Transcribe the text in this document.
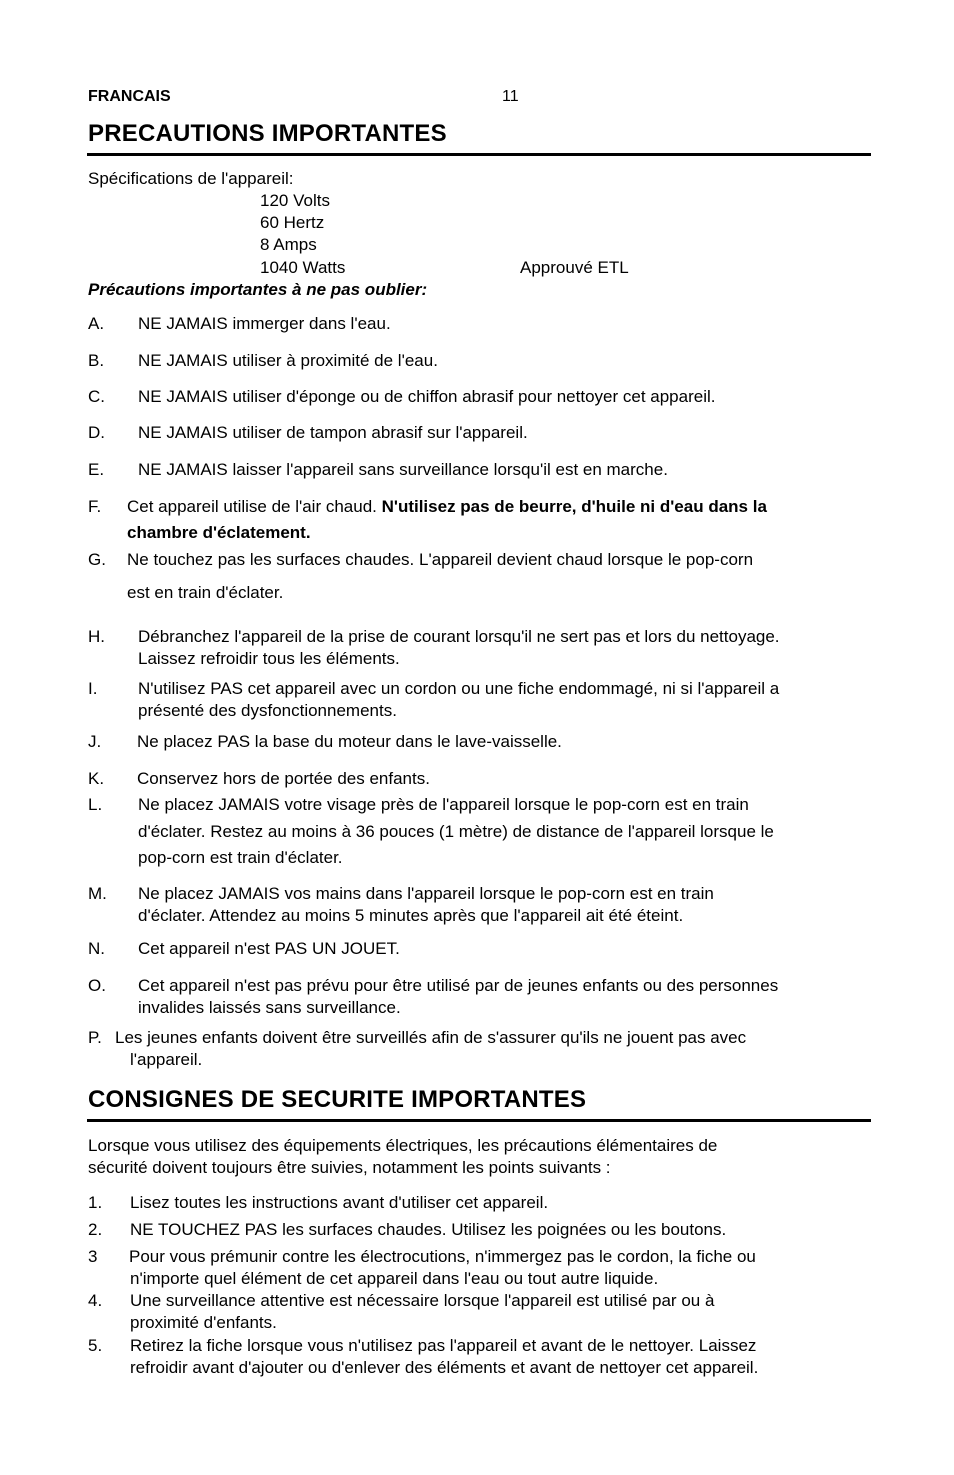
FRANCAIS	11
PRECAUTIONS IMPORTANTES
Spécifications de l'appareil:
120 Volts
60 Hertz
8 Amps
1040 Watts	Approuvé ETL
Précautions importantes à ne pas oublier:
A. NE JAMAIS immerger dans l'eau.
B. NE JAMAIS utiliser à proximité de l'eau.
C. NE JAMAIS utiliser d'éponge ou de chiffon abrasif pour nettoyer cet appareil.
D. NE JAMAIS utiliser de tampon abrasif sur l'appareil.
E. NE JAMAIS laisser l'appareil sans surveillance lorsqu'il est en marche.
F. Cet appareil utilise de l'air chaud. N'utilisez pas de beurre, d'huile ni d'eau dans la
chambre d'éclatement.
G. Ne touchez pas les surfaces chaudes. L'appareil devient chaud lorsque le pop-corn
est en train d'éclater.
H. Débranchez l'appareil de la prise de courant lorsqu'il ne sert pas et lors du nettoyage.
Laissez refroidir tous les éléments.
I. N'utilisez PAS cet appareil avec un cordon ou une fiche endommagé, ni si l'appareil a
présenté des dysfonctionnements.
J. Ne placez PAS la base du moteur dans le lave-vaisselle.
K. Conservez hors de portée des enfants.
L. Ne placez JAMAIS votre visage près de l'appareil lorsque le pop-corn est en train
d'éclater. Restez au moins à 36 pouces (1 mètre) de distance de l'appareil lorsque le
pop-corn est train d'éclater.
M. Ne placez JAMAIS vos mains dans l'appareil lorsque le pop-corn est en train
d'éclater. Attendez au moins 5 minutes après que l'appareil ait été éteint.
N. Cet appareil n'est PAS UN JOUET.
O. Cet appareil n'est pas prévu pour être utilisé par de jeunes enfants ou des personnes
invalides laissés sans surveillance.
P. Les jeunes enfants doivent être surveillés afin de s'assurer qu'ils ne jouent pas avec
l'appareil.
CONSIGNES DE SECURITE IMPORTANTES
Lorsque vous utilisez des équipements électriques, les précautions élémentaires de
sécurité doivent toujours être suivies, notamment les points suivants :
1. Lisez toutes les instructions avant d'utiliser cet appareil.
2. NE TOUCHEZ PAS les surfaces chaudes. Utilisez les poignées ou les boutons.
3 Pour vous prémunir contre les électrocutions, n'immergez pas le cordon, la fiche ou
n'importe quel élément de cet appareil dans l'eau ou tout autre liquide.
4. Une surveillance attentive est nécessaire lorsque l'appareil est utilisé par ou à
proximité d'enfants.
5. Retirez la fiche lorsque vous n'utilisez pas l'appareil et avant de le nettoyer. Laissez
refroidir avant d'ajouter ou d'enlever des éléments et avant de nettoyer cet appareil.
